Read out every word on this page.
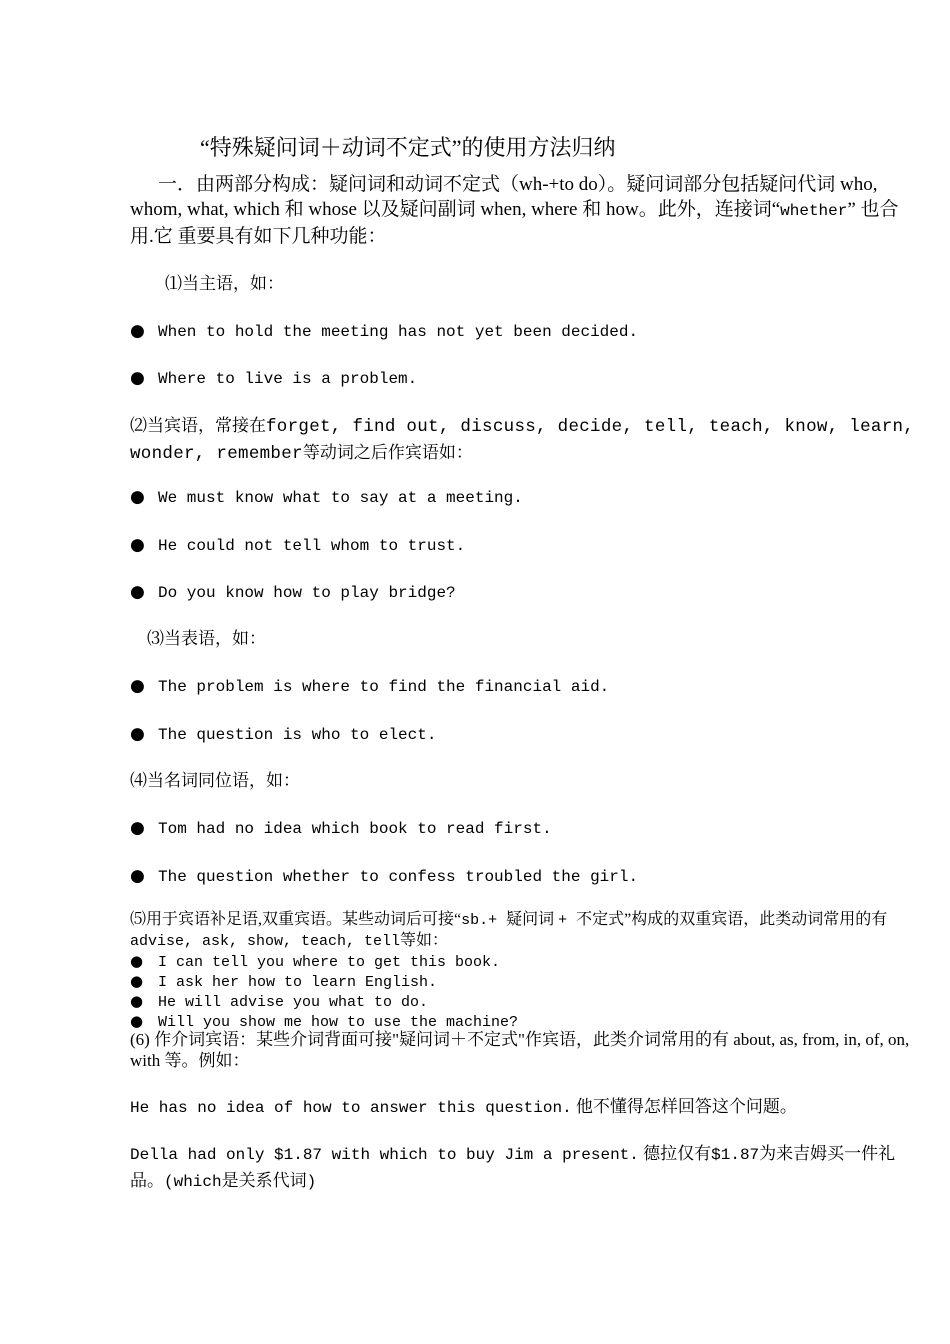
“特殊疑问词＋动词不定式”的使用方法归纳
一．由两部分构成：疑问词和动词不定式（wh-+to do）。疑问词部分包括疑问代词 who, whom, what, which 和 whose 以及疑问副词 when, where 和 how。此外，连接词“whether” 也合用.它 重要具有如下几种功能：
⑴当主语，如：
● When to hold the meeting has not yet been decided.
● Where to live is a problem.
⑵当宾语，常接在forget, find out, discuss, decide, tell, teach, know, learn, wonder, remember等动词之后作宾语如：
● We must know what to say at a meeting.
● He could not tell whom to trust.
● Do you know how to play bridge?
⑶当表语，如：
● The problem is where to find the financial aid.
● The question is who to elect.
⑷当名词同位语，如：
● Tom had no idea which book to read first.
● The question whether to confess troubled the girl.
⑸用于宾语补足语,双重宾语。某些动词后可接“sb.+ 疑问词 + 不定式”构成的双重宾语，此类动词常用的有advise, ask, show, teach, tell等如：
● I can tell you where to get this book.
● I ask her how to learn English.
● He will advise you what to do.
● Will you show me how to use the machine?
(6) 作介词宾语：某些介词背面可接"疑问词＋不定式"作宾语，此类介词常用的有 about, as, from, in, of, on, with 等。例如：
He has no idea of how to answer this question. 他不懂得怎样回答这个问题。
Della had only $1.87 with which to buy Jim a present. 德拉仅有$1.87为来吉姆买一件礼品。(which是关系代词)
